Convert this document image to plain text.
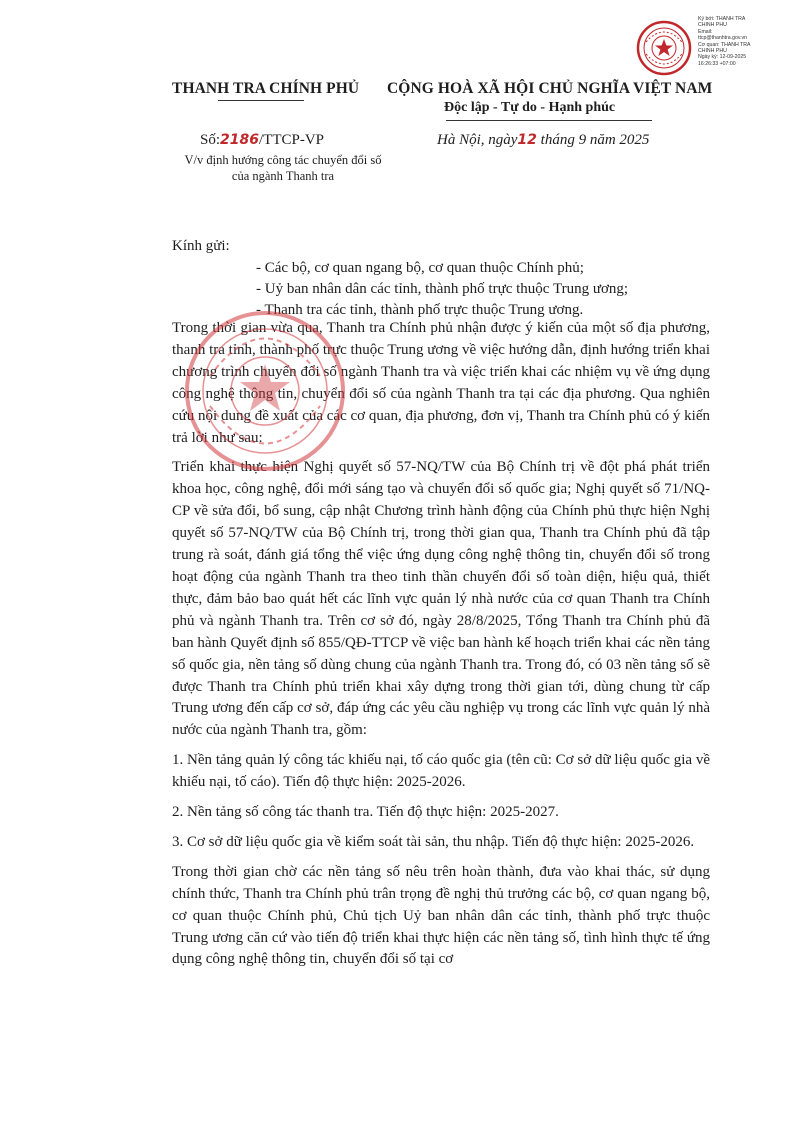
Ký bởi: THANH TRA
CHÍNH PHỦ
Email:
ttcp@thanhtra.gov.vn
Cơ quan: THANH TRA
CHÍNH PHỦ
Ngày ký: 12-09-2025
16:26:33 +07:00
THANH TRA CHÍNH PHỦ CỘNG HOÀ XÃ HỘI CHỦ NGHĨA VIỆT NAM
Độc lập - Tự do - Hạnh phúc
Số:2186/TTCP-VP	Hà Nội, ngày12 tháng 9 năm 2025
V/v định hướng công tác chuyển đổi số
của ngành Thanh tra
Kính gửi:
- Các bộ, cơ quan ngang bộ, cơ quan thuộc Chính phủ;
- Uỷ ban nhân dân các tỉnh, thành phố trực thuộc Trung ương;
- Thanh tra các tỉnh, thành phố trực thuộc Trung ương.

Trong thời gian vừa qua, Thanh tra Chính phủ nhận được ý kiến của một số địa phương, thanh tra tỉnh, thành phố trực thuộc Trung ương về việc hướng dẫn, định hướng triển khai chương trình chuyển đổi số ngành Thanh tra và việc triển khai các nhiệm vụ về ứng dụng công nghệ thông tin, chuyển đổi số của ngành Thanh tra tại các địa phương. Qua nghiên cứu nội dung đề xuất của các cơ quan, địa phương, đơn vị, Thanh tra Chính phủ có ý kiến trả lời như sau:

Triển khai thực hiện Nghị quyết số 57-NQ/TW của Bộ Chính trị về đột phá phát triển khoa học, công nghệ, đổi mới sáng tạo và chuyển đổi số quốc gia; Nghị quyết số 71/NQ-CP về sửa đổi, bổ sung, cập nhật Chương trình hành động của Chính phủ thực hiện Nghị quyết số 57-NQ/TW của Bộ Chính trị, trong thời gian qua, Thanh tra Chính phủ đã tập trung rà soát, đánh giá tổng thể việc ứng dụng công nghệ thông tin, chuyển đổi số trong hoạt động của ngành Thanh tra theo tinh thần chuyển đổi số toàn diện, hiệu quả, thiết thực, đảm bảo bao quát hết các lĩnh vực quản lý nhà nước của cơ quan Thanh tra Chính phủ và ngành Thanh tra. Trên cơ sở đó, ngày 28/8/2025, Tổng Thanh tra Chính phủ đã ban hành Quyết định số 855/QĐ-TTCP về việc ban hành kế hoạch triển khai các nền tảng số quốc gia, nền tảng số dùng chung của ngành Thanh tra. Trong đó, có 03 nền tảng số sẽ được Thanh tra Chính phủ triển khai xây dựng trong thời gian tới, dùng chung từ cấp Trung ương đến cấp cơ sở, đáp ứng các yêu cầu nghiệp vụ trong các lĩnh vực quản lý nhà nước của ngành Thanh tra, gồm:

1. Nền tảng quản lý công tác khiếu nại, tố cáo quốc gia (tên cũ: Cơ sở dữ liệu quốc gia về khiếu nại, tố cáo). Tiến độ thực hiện: 2025-2026.

2. Nền tảng số công tác thanh tra. Tiến độ thực hiện: 2025-2027.

3. Cơ sở dữ liệu quốc gia về kiểm soát tài sản, thu nhập. Tiến độ thực hiện: 2025-2026.

Trong thời gian chờ các nền tảng số nêu trên hoàn thành, đưa vào khai thác, sử dụng chính thức, Thanh tra Chính phủ trân trọng đề nghị thủ trưởng các bộ, cơ quan ngang bộ, cơ quan thuộc Chính phủ, Chủ tịch Uỷ ban nhân dân các tỉnh, thành phố trực thuộc Trung ương căn cứ vào tiến độ triển khai thực hiện các nền tảng số, tình hình thực tế ứng dụng công nghệ thông tin, chuyển đổi số tại cơ
